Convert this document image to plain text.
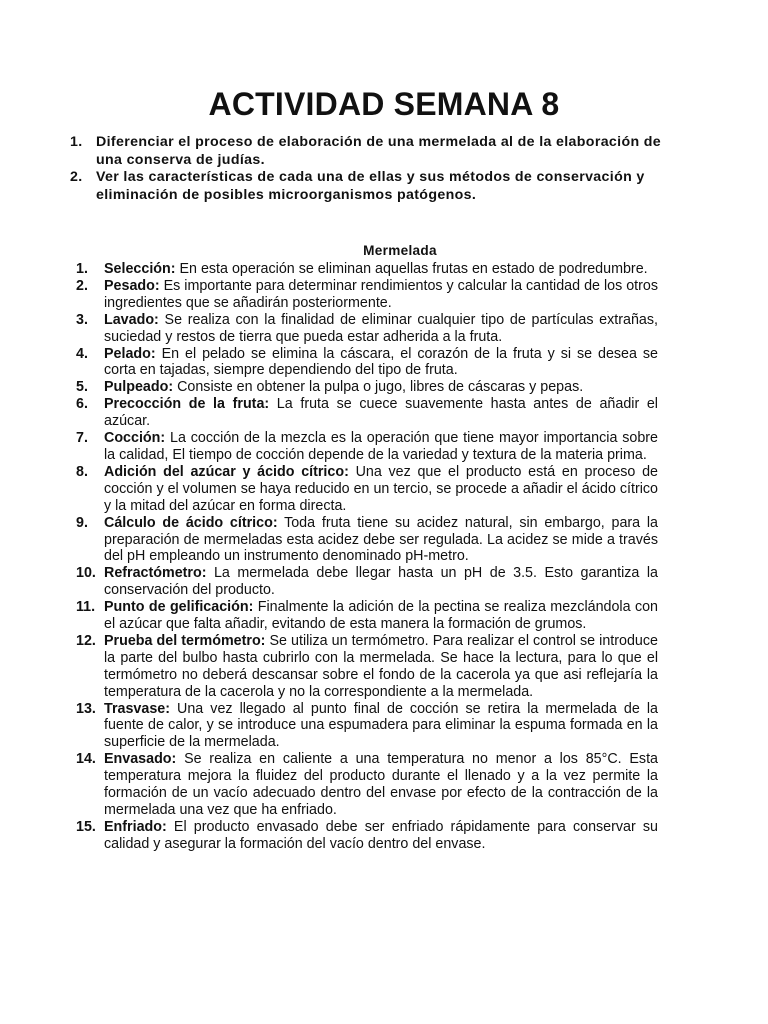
ACTIVIDAD SEMANA 8
1. Diferenciar el proceso de elaboración de una mermelada al de la elaboración de una conserva de judías.
2. Ver las características de cada una de ellas y sus métodos de conservación y eliminación de posibles microorganismos patógenos.
Mermelada
1.	Selección: En esta operación se eliminan aquellas frutas en estado de podredumbre.
2.	Pesado: Es importante para determinar rendimientos y calcular la cantidad de los otros ingredientes que se añadirán posteriormente.
3.	Lavado: Se realiza con la finalidad de eliminar cualquier tipo de partículas extrañas, suciedad y restos de tierra que pueda estar adherida a la fruta.
4.	Pelado: En el pelado se elimina la cáscara, el corazón de la fruta y si se desea se corta en tajadas, siempre dependiendo del tipo de fruta.
5.	Pulpeado: Consiste en obtener la pulpa o jugo, libres de cáscaras y pepas.
6.	Precocción de la fruta: La fruta se cuece suavemente hasta antes de añadir el azúcar.
7.	Cocción: La cocción de la mezcla es la operación que tiene mayor importancia sobre la calidad, El tiempo de cocción depende de la variedad y textura de la materia prima.
8.	Adición del azúcar y ácido cítrico: Una vez que el producto está en proceso de cocción y el volumen se haya reducido en un tercio, se procede a añadir el ácido cítrico y la mitad del azúcar en forma directa.
9.	Cálculo de ácido cítrico: Toda fruta tiene su acidez natural, sin embargo, para la preparación de mermeladas esta acidez debe ser regulada. La acidez se mide a través del pH empleando un instrumento denominado pH-metro.
10. Refractómetro: La mermelada debe llegar hasta un pH de 3.5. Esto garantiza la conservación del producto.
11. Punto de gelificación: Finalmente la adición de la pectina se realiza mezclándola con el azúcar que falta añadir, evitando de esta manera la formación de grumos.
12. Prueba del termómetro: Se utiliza un termómetro. Para realizar el control se introduce la parte del bulbo hasta cubrirlo con la mermelada. Se hace la lectura, para lo que el termómetro no deberá descansar sobre el fondo de la cacerola ya que asi reflejaría la temperatura de la cacerola y no la correspondiente a la mermelada.
13. Trasvase: Una vez llegado al punto final de cocción se retira la mermelada de la fuente de calor, y se introduce una espumadera para eliminar la espuma formada en la superficie de la mermelada.
14. Envasado: Se realiza en caliente a una temperatura no menor a los 85°C. Esta temperatura mejora la fluidez del producto durante el llenado y a la vez permite la formación de un vacío adecuado dentro del envase por efecto de la contracción de la mermelada una vez que ha enfriado.
15. Enfriado: El producto envasado debe ser enfriado rápidamente para conservar su calidad y asegurar la formación del vacío dentro del envase.
